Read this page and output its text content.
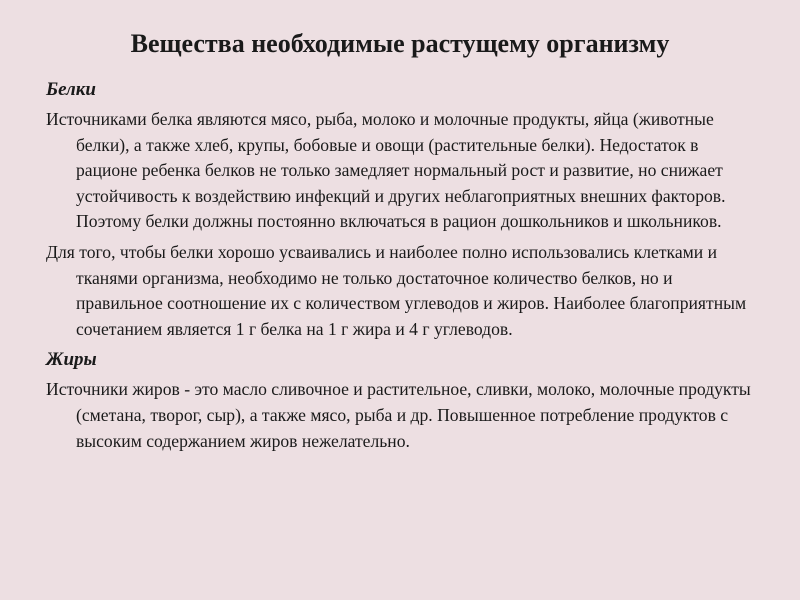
Вещества необходимые растущему организму
Белки

Источниками белка являются мясо, рыба, молоко и молочные продукты, яйца (животные белки), а также хлеб, крупы, бобовые и овощи (растительные белки). Недостаток в рационе ребенка белков не только замедляет нормальный рост и развитие, но снижает устойчивость к воздействию инфекций и других неблагоприятных внешних факторов. Поэтому белки должны постоянно включаться в рацион дошкольников и школьников.

Для того, чтобы белки хорошо усваивались и наиболее полно использовались клетками и тканями организма, необходимо не только достаточное количество белков, но и правильное соотношение их с количеством углеводов и жиров. Наиболее благоприятным сочетанием является 1 г белка на 1 г жира и 4 г углеводов.

Жиры

Источники жиров - это масло сливочное и растительное, сливки, молоко, молочные продукты (сметана, творог, сыр), а также мясо, рыба и др. Повышенное потребление продуктов с высоким содержанием жиров нежелательно.
